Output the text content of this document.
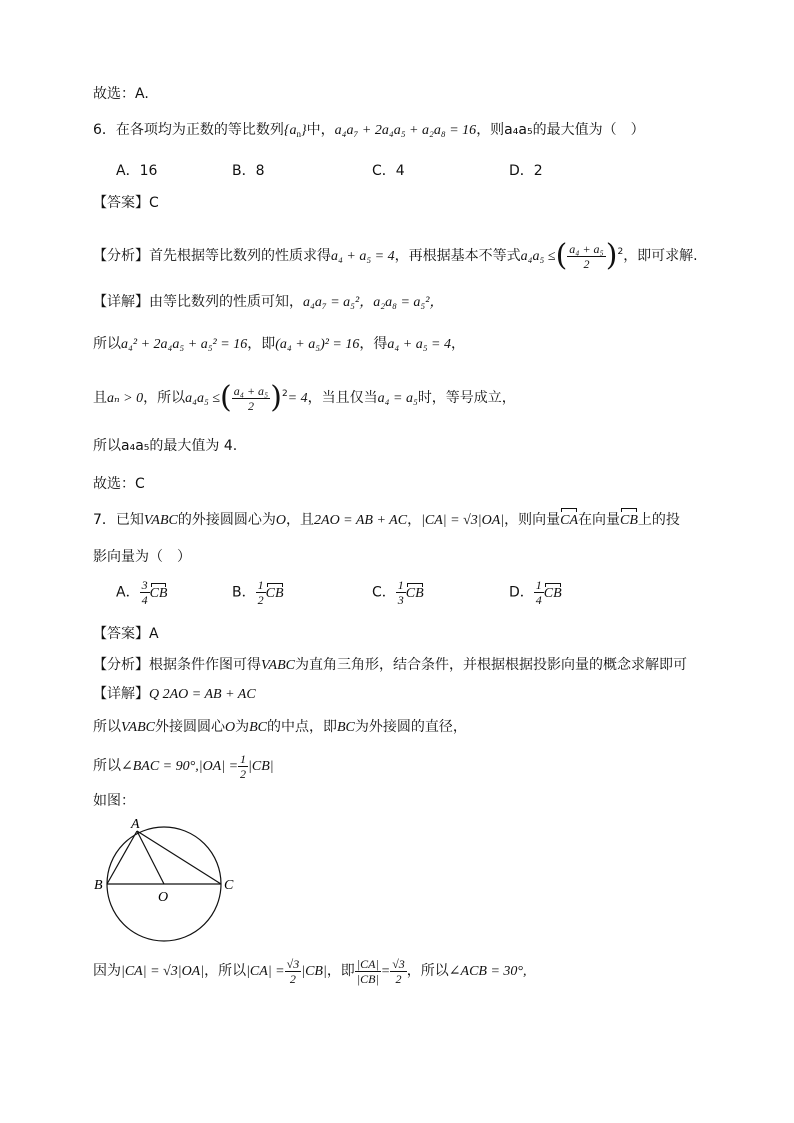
故选：A.
6．在各项均为正数的等比数列$\{a_n\}$中，a₄a₇ + 2a₄a₅ + a₂a₈ = 16，则a₄a₅的最大值为（　）
A．16	B．8	C．4	D．2
【答案】C
【分析】首先根据等比数列的性质求得a₄ + a₅ = 4，再根据基本不等式a₄a₅ ≤( $\frac{\text{a₄ + a₅}}{2} )^2$，即可求解.
【详解】由等比数列的性质可知，a₄a₇ = a₅²，a₂a₈ = a₅²，
所以a₄² + 2a₄a₅ + a₅² = 16，即(a₄ + a₅)² = 16，得a₄ + a₅ = 4，
且aₙ > 0，所以a₄a₅ ≤( $\frac{\text{a₄ + a₅}}{2} )^2= 4$，当且仅当a₄ = a₅时，等号成立，
所以a₄a₅的最大值为 4.
故选：C
7．已知VABC的外接圆圆心为O，且2AO = AB + AC，|CA| = √3|OA|，则向量CA在向量CB上的投
影向量为（　）
A． $\frac{3}{4}$ CB	B． $\frac{1}{2}$ CB	C． $\frac{1}{3}$ CB	D． $\frac{1}{4}$ CB
【答案】A
【分析】根据条件作图可得VABC为直角三角形，结合条件，并根据根据投影向量的概念求解即可
【详解】Q 2AO = AB + AC
所以VABC外接圆圆心O为BC的中点，即BC为外接圆的直径，
所以∠BAC = $90^\circ,|OA| = \frac{1}{2} |CB|$
如图：
A
B	C
O
因为|CA| = √3|OA|，所以$|CA| = \frac{√3}{2} |CB|$，即 $\frac{|CA|}{|CB|} = \frac{√3}{2}$ ，所以∠ACB = 30°,
